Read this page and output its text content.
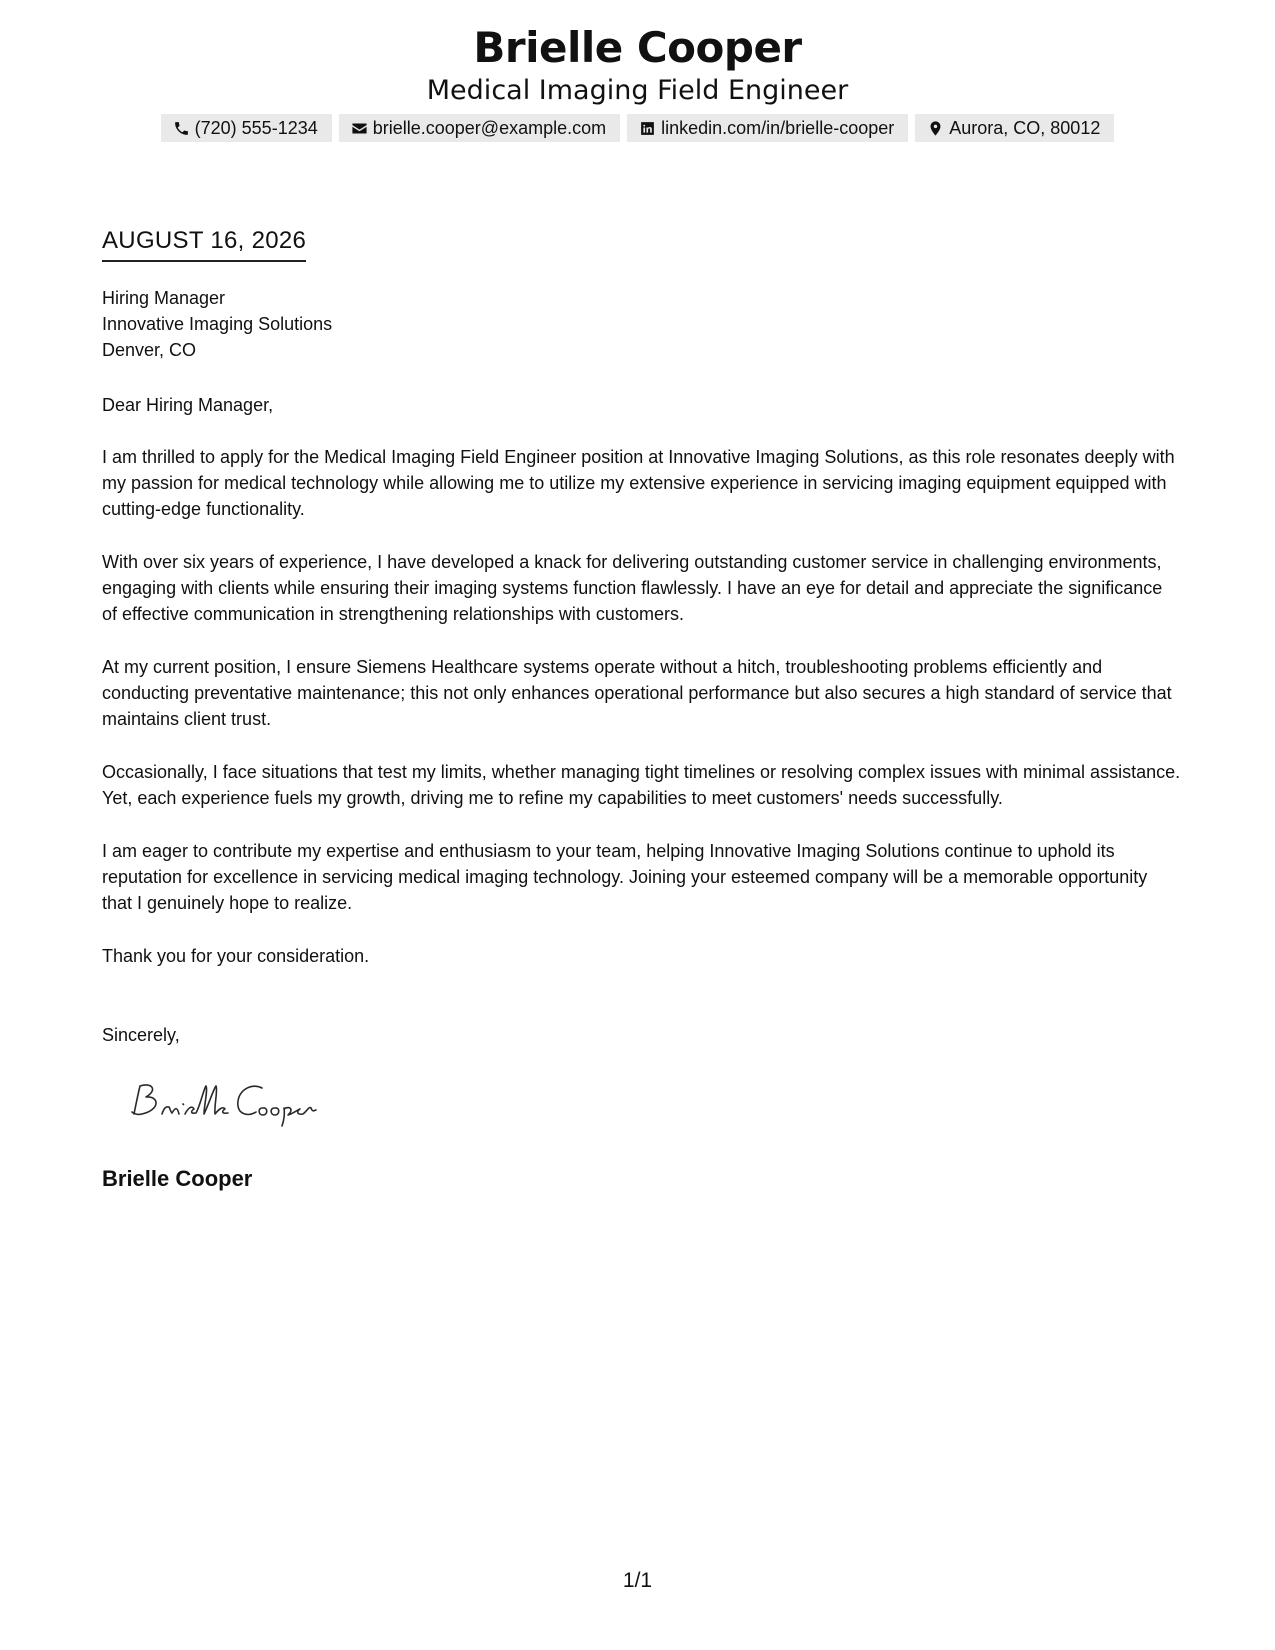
Brielle Cooper
Medical Imaging Field Engineer
(720) 555-1234	brielle.cooper@example.com	linkedin.com/in/brielle-cooper	Aurora, CO, 80012
AUGUST 16, 2026
Hiring Manager
Innovative Imaging Solutions
Denver, CO

Dear Hiring Manager,

I am thrilled to apply for the Medical Imaging Field Engineer position at Innovative Imaging Solutions, as this role resonates deeply with my passion for medical technology while allowing me to utilize my extensive experience in servicing imaging equipment equipped with cutting-edge functionality.

With over six years of experience, I have developed a knack for delivering outstanding customer service in challenging environments, engaging with clients while ensuring their imaging systems function flawlessly. I have an eye for detail and appreciate the significance of effective communication in strengthening relationships with customers.

At my current position, I ensure Siemens Healthcare systems operate without a hitch, troubleshooting problems efficiently and conducting preventative maintenance; this not only enhances operational performance but also secures a high standard of service that maintains client trust.

Occasionally, I face situations that test my limits, whether managing tight timelines or resolving complex issues with minimal assistance. Yet, each experience fuels my growth, driving me to refine my capabilities to meet customers' needs successfully.

I am eager to contribute my expertise and enthusiasm to your team, helping Innovative Imaging Solutions continue to uphold its reputation for excellence in servicing medical imaging technology. Joining your esteemed company will be a memorable opportunity that I genuinely hope to realize.

Thank you for your consideration.

Sincerely,

Brielle Cooper
1/1
